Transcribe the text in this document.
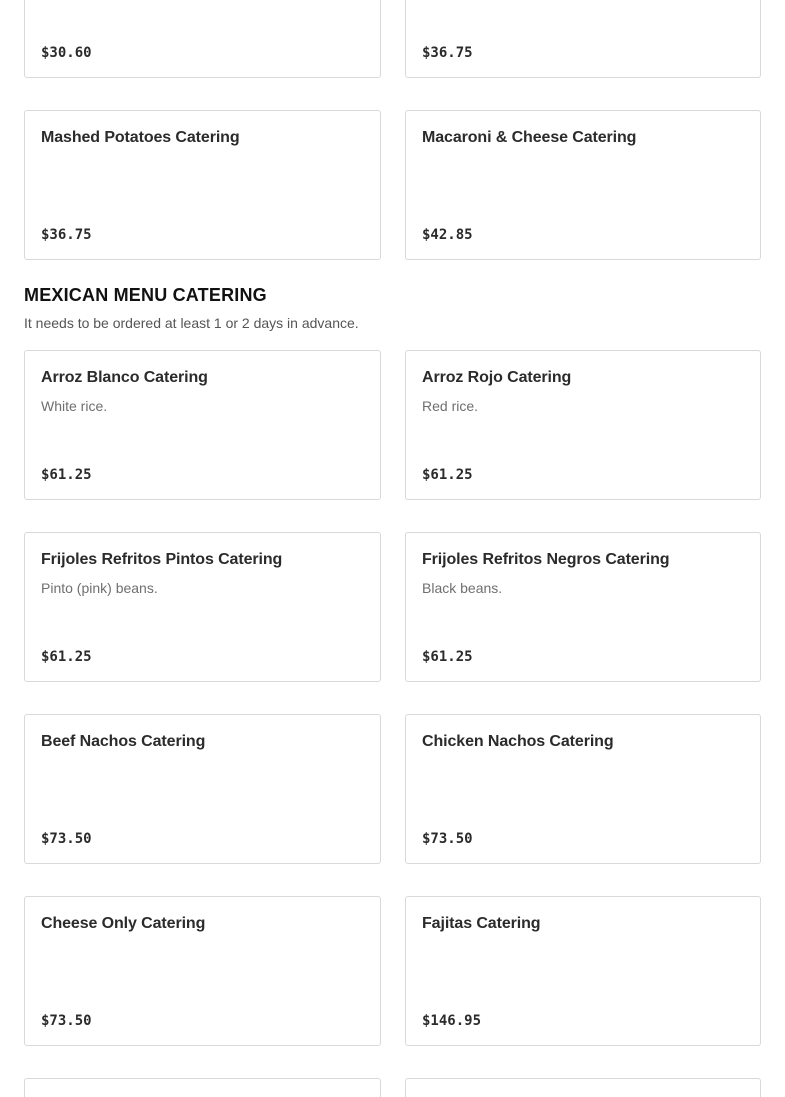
$30.60	$36.75
Mashed Potatoes Catering
$36.75
Macaroni & Cheese Catering
$42.85
MEXICAN MENU CATERING

It needs to be ordered at least 1 or 2 days in advance.

Arroz Blanco Catering
White rice.
$61.25
Arroz Rojo Catering
Red rice.
$61.25
Frijoles Refritos Pintos Catering
Pinto (pink) beans.
$61.25
Frijoles Refritos Negros Catering
Black beans.
$61.25
Beef Nachos Catering
$73.50
Chicken Nachos Catering
$73.50
Cheese Only Catering
$73.50
Fajitas Catering
$146.95
